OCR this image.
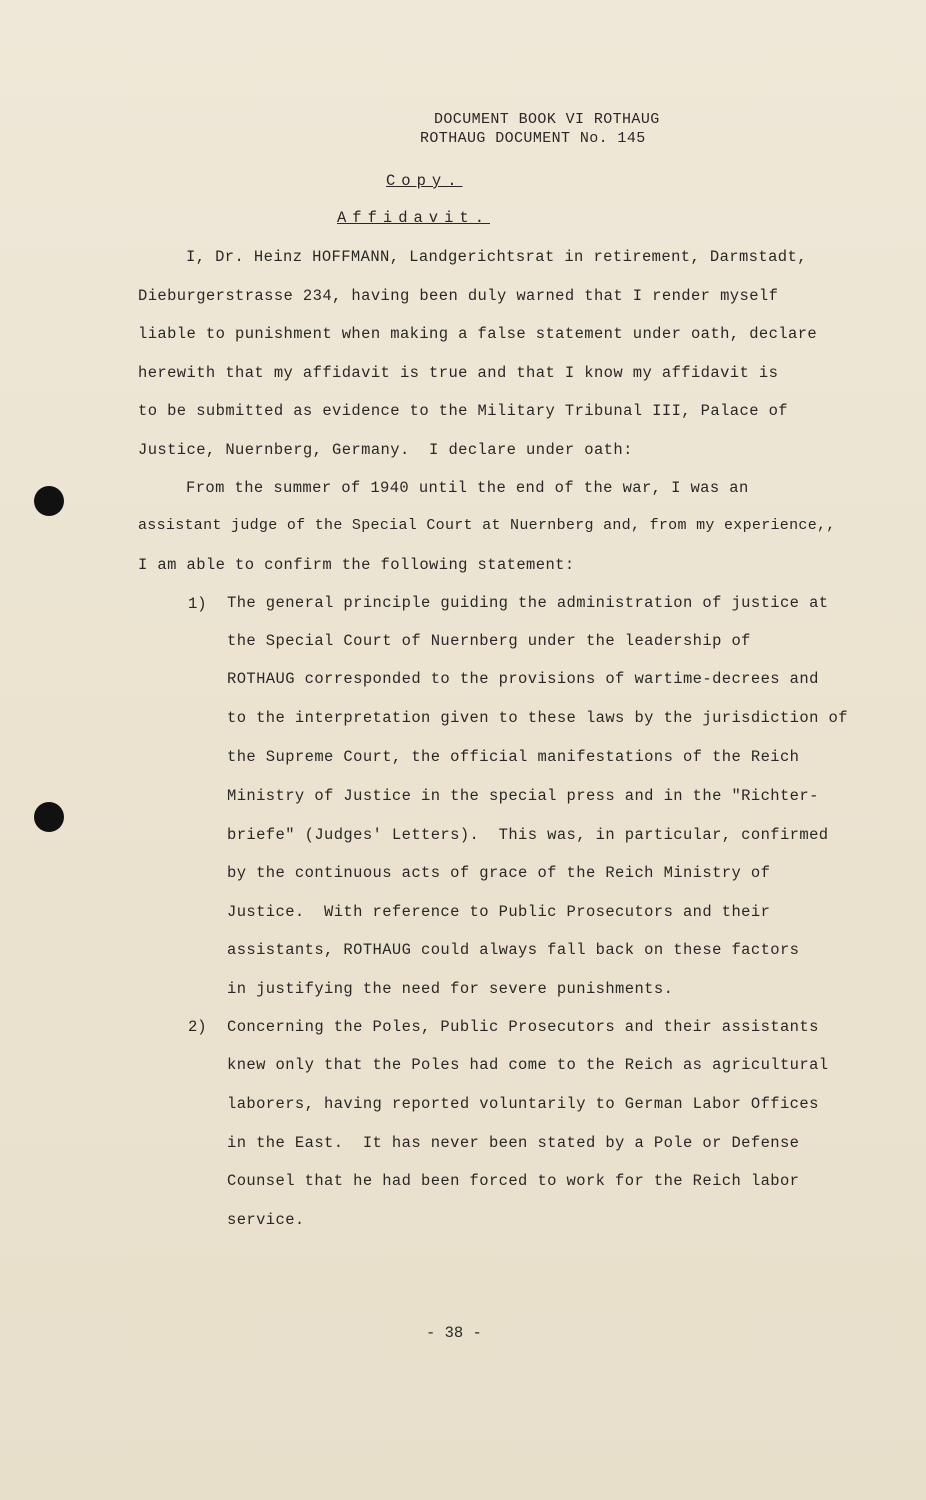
DOCUMENT BOOK VI ROTHAUG
ROTHAUG DOCUMENT No. 145
Copy.
Affidavit.
I, Dr. Heinz HOFFMANN, Landgerichtsrat in retirement, Darmstadt,
Dieburgerstrasse 234, having been duly warned that I render myself
liable to punishment when making a false statement under oath, declare
herewith that my affidavit is true and that I know my affidavit is
to be submitted as evidence to the Military Tribunal III, Palace of
Justice, Nuernberg, Germany.  I declare under oath:
From the summer of 1940 until the end of the war, I was an
assistant judge of the Special Court at Nuernberg and, from my experience,,
I am able to confirm the following statement:
1) The general principle guiding the administration of justice at
the Special Court of Nuernberg under the leadership of
ROTHAUG corresponded to the provisions of wartime-decrees and
to the interpretation given to these laws by the jurisdiction of
the Supreme Court, the official manifestations of the Reich
Ministry of Justice in the special press and in the "Richter-
briefe" (Judges' Letters).  This was, in particular, confirmed
by the continuous acts of grace of the Reich Ministry of
Justice.  With reference to Public Prosecutors and their
assistants, ROTHAUG could always fall back on these factors
in justifying the need for severe punishments.
2) Concerning the Poles, Public Prosecutors and their assistants
knew only that the Poles had come to the Reich as agricultural
laborers, having reported voluntarily to German Labor Offices
in the East.  It has never been stated by a Pole or Defense
Counsel that he had been forced to work for the Reich labor
service.
- 38 -
